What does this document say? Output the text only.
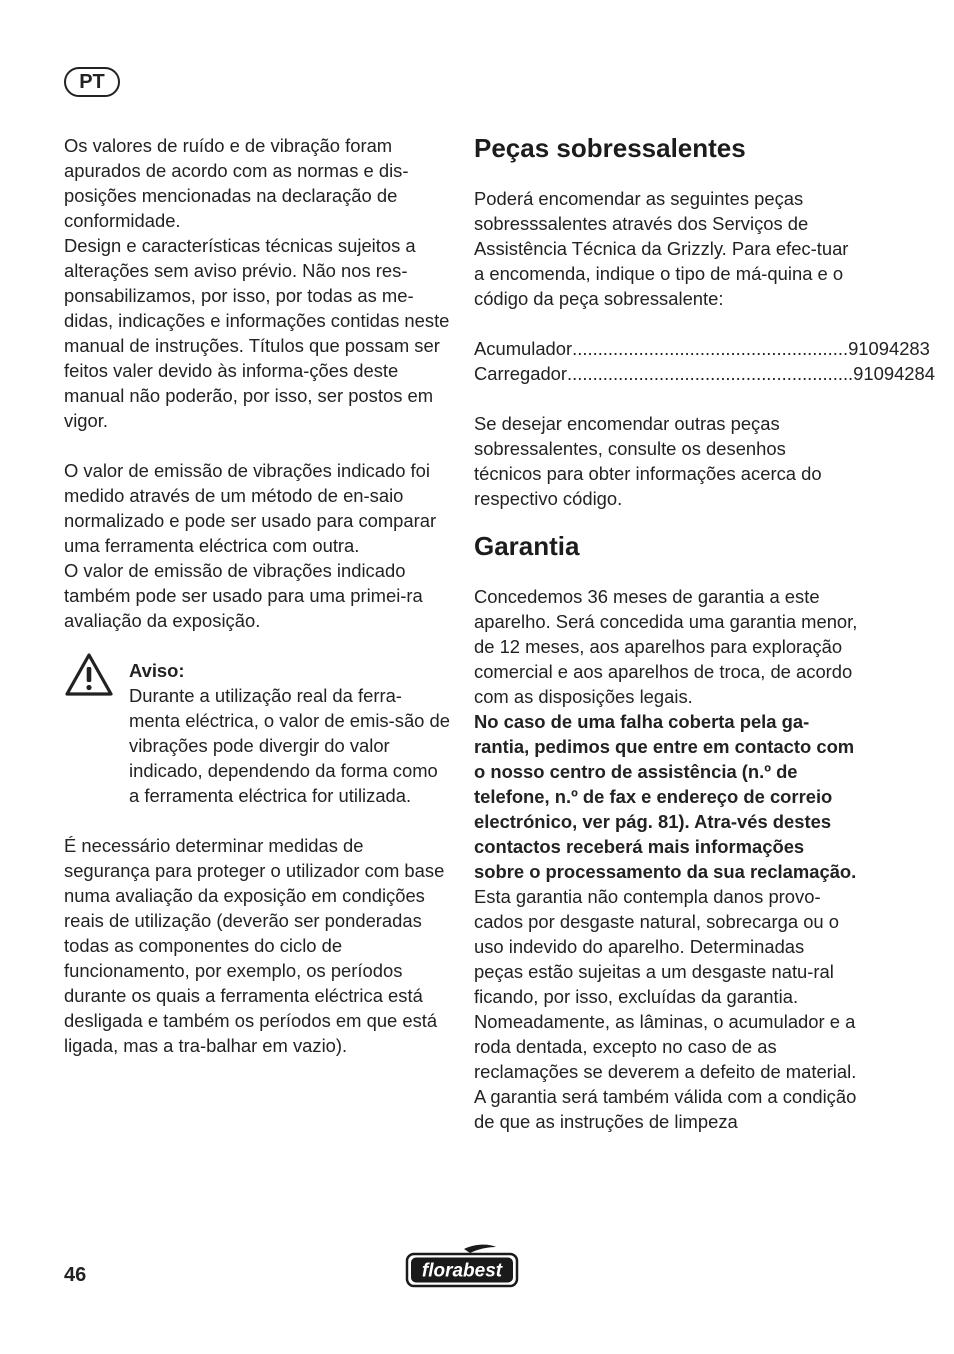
PT

Os valores de ruído e de vibração foram apurados de acordo com as normas e dis-posições mencionadas na declaração de conformidade.

Design e características técnicas sujeitos a alterações sem aviso prévio. Não nos res-ponsabilizamos, por isso, por todas as me-didas, indicações e informações contidas neste manual de instruções. Títulos que possam ser feitos valer devido às informa-ções deste manual não poderão, por isso, ser postos em vigor.

O valor de emissão de vibrações indicado foi medido através de um método de en-saio normalizado e pode ser usado para comparar uma ferramenta eléctrica com outra.

O valor de emissão de vibrações indicado também pode ser usado para uma primei-ra avaliação da exposição.

Aviso:

Durante a utilização real da ferra-menta eléctrica, o valor de emis-são de vibrações pode divergir do valor indicado, dependendo da forma como a ferramenta eléctrica for utilizada.

É necessário determinar medidas de segurança para proteger o utilizador com base numa avaliação da exposição em condições reais de utilização (deverão ser ponderadas todas as componentes do ciclo de funcionamento, por exemplo, os períodos durante os quais a ferramenta eléctrica está desligada e também os períodos em que está ligada, mas a tra-balhar em vazio).

Peças sobressalentes

Poderá encomendar as seguintes peças sobresssalentes através dos Serviços de Assistência Técnica da Grizzly. Para efec-tuar a encomenda, indique o tipo de má-quina e o código da peça sobressalente:

Acumulador ...................................................... 91094283
Carregador ........................................................ 91094284

Se desejar encomendar outras peças sobressalentes, consulte os desenhos técnicos para obter informações acerca do respectivo código.

Garantia

Concedemos 36 meses de garantia a este aparelho. Será concedida uma garantia menor, de 12 meses, aos aparelhos para exploração comercial e aos aparelhos de troca, de acordo com as disposições legais.

No caso de uma falha coberta pela ga-rantia, pedimos que entre em contacto com o nosso centro de assistência (n.º de telefone, n.º de fax e endereço de correio electrónico, ver pág. 81). Atra-vés destes contactos receberá mais informações sobre o processamento da sua reclamação.

Esta garantia não contempla danos provo-cados por desgaste natural, sobrecarga ou o uso indevido do aparelho. Determinadas peças estão sujeitas a um desgaste natu-ral ficando, por isso, excluídas da garantia. Nomeadamente, as lâminas, o acumulador e a roda dentada, excepto no caso de as reclamações se deverem a defeito de material.

A garantia será também válida com a condição de que as instruções de limpeza

46	florabest
